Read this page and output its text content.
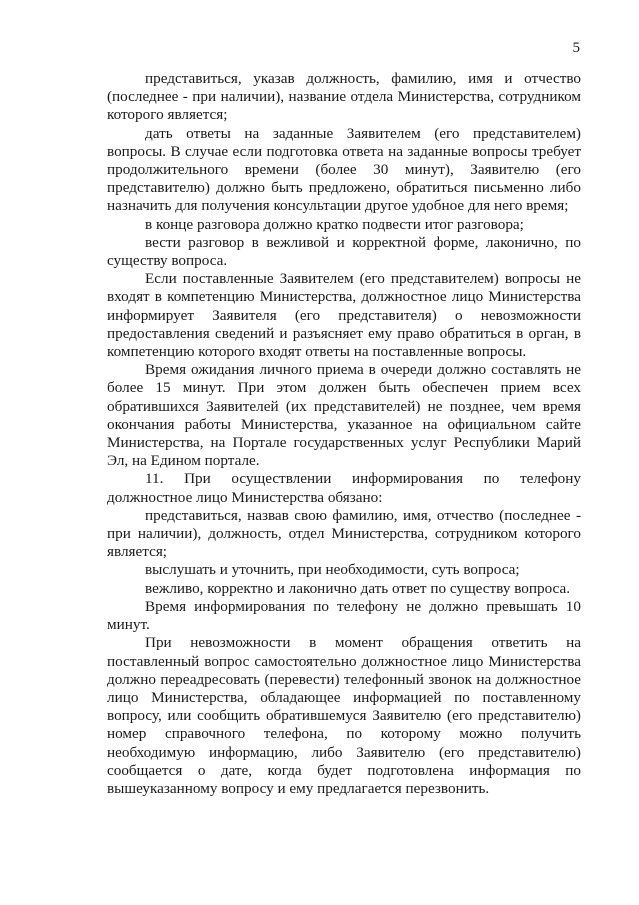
5

представиться, указав должность, фамилию, имя и отчество (последнее - при наличии), название отдела Министерства, сотрудником которого является;

дать ответы на заданные Заявителем (его представителем) вопросы. В случае если подготовка ответа на заданные вопросы требует продолжительного времени (более 30 минут), Заявителю (его представителю) должно быть предложено, обратиться письменно либо назначить для получения консультации другое удобное для него время;

в конце разговора должно кратко подвести итог разговора;

вести разговор в вежливой и корректной форме, лаконично, по существу вопроса.

Если поставленные Заявителем (его представителем) вопросы не входят в компетенцию Министерства, должностное лицо Министерства информирует Заявителя (его представителя) о невозможности предоставления сведений и разъясняет ему право обратиться в орган, в компетенцию которого входят ответы на поставленные вопросы.

Время ожидания личного приема в очереди должно составлять не более 15 минут. При этом должен быть обеспечен прием всех обратившихся Заявителей (их представителей) не позднее, чем время окончания работы Министерства, указанное на официальном сайте Министерства, на Портале государственных услуг Республики Марий Эл, на Едином портале.

11. При осуществлении информирования по телефону должностное лицо Министерства обязано:

представиться, назвав свою фамилию, имя, отчество (последнее - при наличии), должность, отдел Министерства, сотрудником которого является;

выслушать и уточнить, при необходимости, суть вопроса;

вежливо, корректно и лаконично дать ответ по существу вопроса.

Время информирования по телефону не должно превышать 10 минут.

При невозможности в момент обращения ответить на поставленный вопрос самостоятельно должностное лицо Министерства должно переадресовать (перевести) телефонный звонок на должностное лицо Министерства, обладающее информацией по поставленному вопросу, или сообщить обратившемуся Заявителю (его представителю) номер справочного телефона, по которому можно получить необходимую информацию, либо Заявителю (его представителю) сообщается о дате, когда будет подготовлена информация по вышеуказанному вопросу и ему предлагается перезвонить.
